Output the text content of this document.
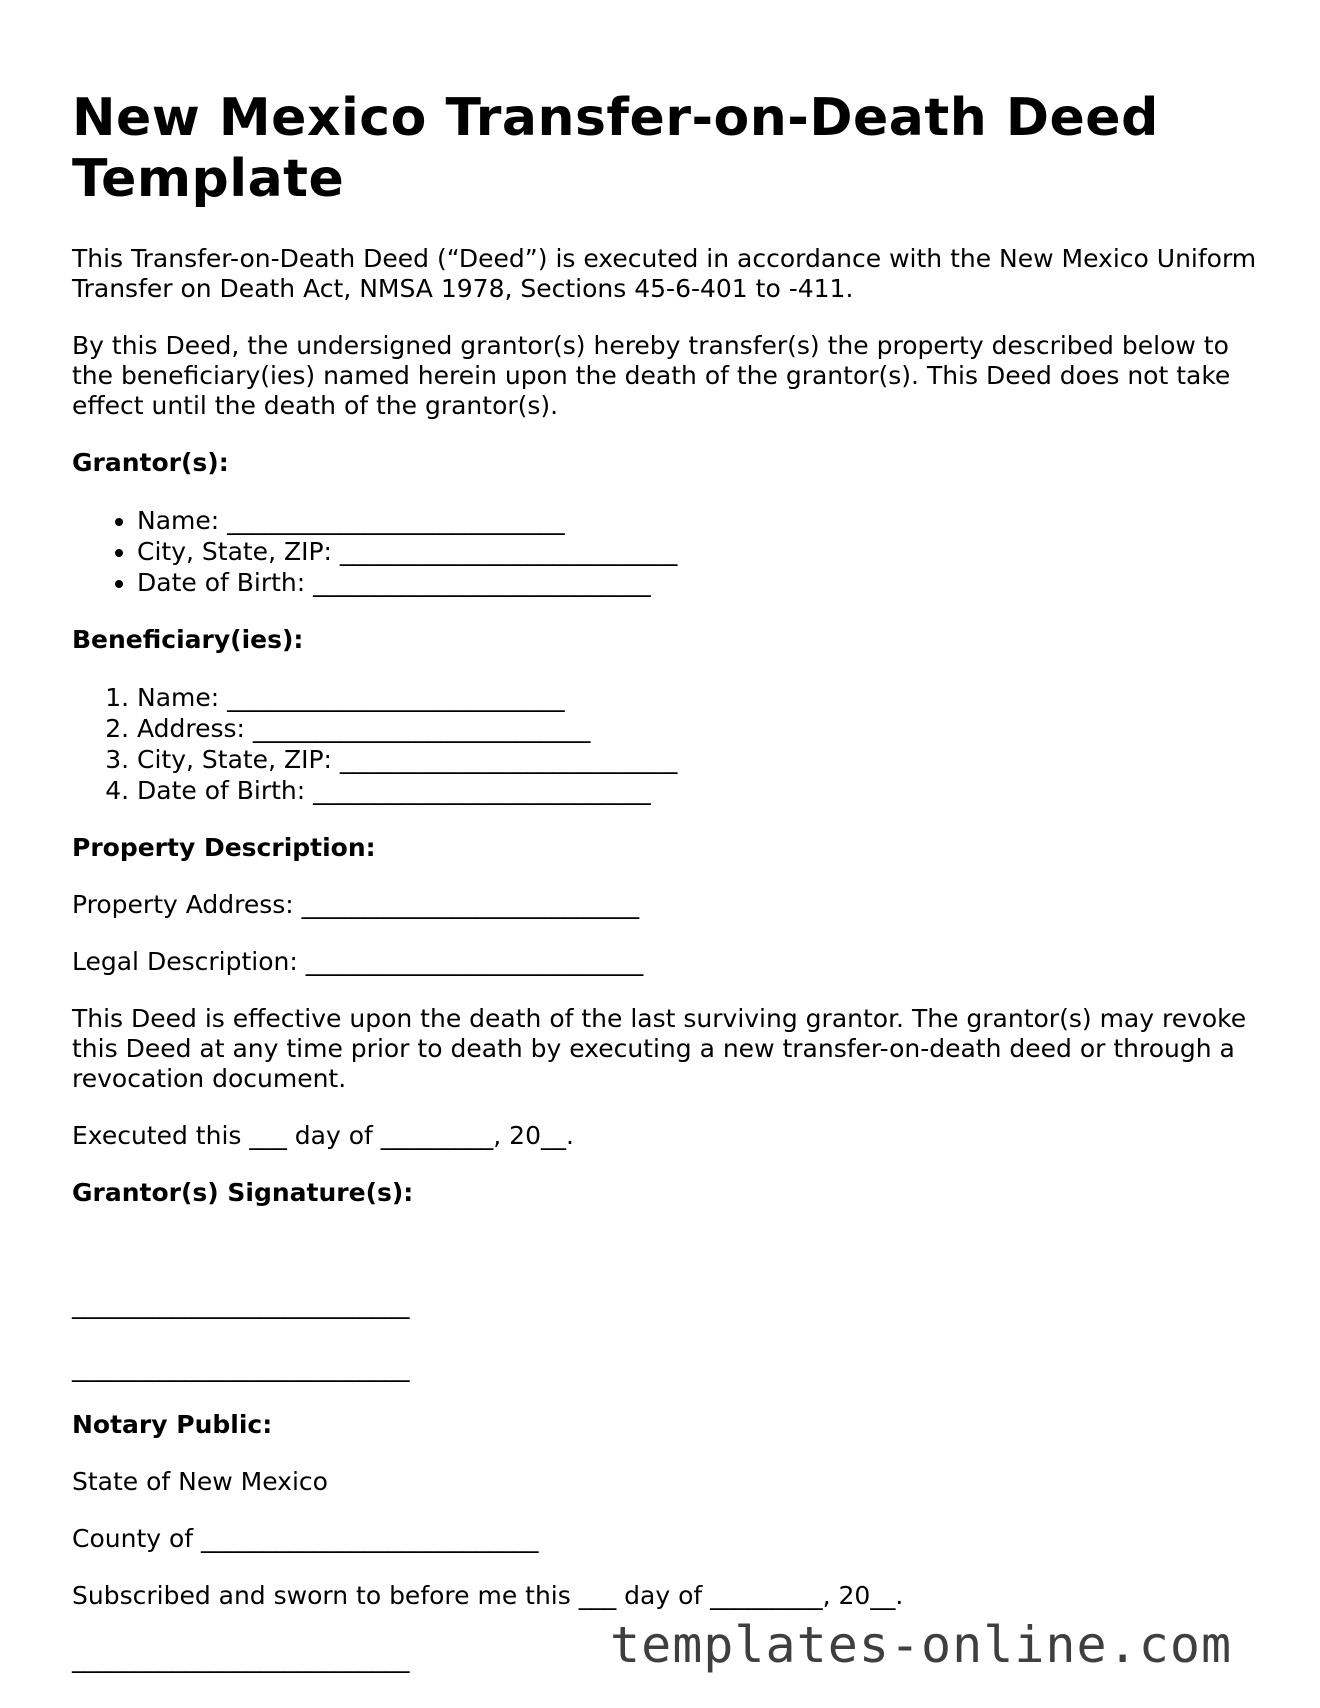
New Mexico Transfer-on-Death Deed Template

This Transfer-on-Death Deed (“Deed”) is executed in accordance with the New Mexico Uniform Transfer on Death Act, NMSA 1978, Sections 45-6-401 to -411.

By this Deed, the undersigned grantor(s) hereby transfer(s) the property described below to the beneficiary(ies) named herein upon the death of the grantor(s). This Deed does not take effect until the death of the grantor(s).

Grantor(s):
• Name: ___________________________
• City, State, ZIP: ___________________________
• Date of Birth: ___________________________
Beneficiary(ies):
1. Name: ___________________________
2. Address: ___________________________
3. City, State, ZIP: ___________________________
4. Date of Birth: ___________________________
Property Description:

Property Address: ___________________________

Legal Description: ___________________________

This Deed is effective upon the death of the last surviving grantor. The grantor(s) may revoke this Deed at any time prior to death by executing a new transfer-on-death deed or through a revocation document.

Executed this ___ day of _________, 20__.

Grantor(s) Signature(s):
___________________________
___________________________
Notary Public:

State of New Mexico

County of ___________________________

Subscribed and sworn to before me this ___ day of _________, 20__.

___________________________	templates-online.com
